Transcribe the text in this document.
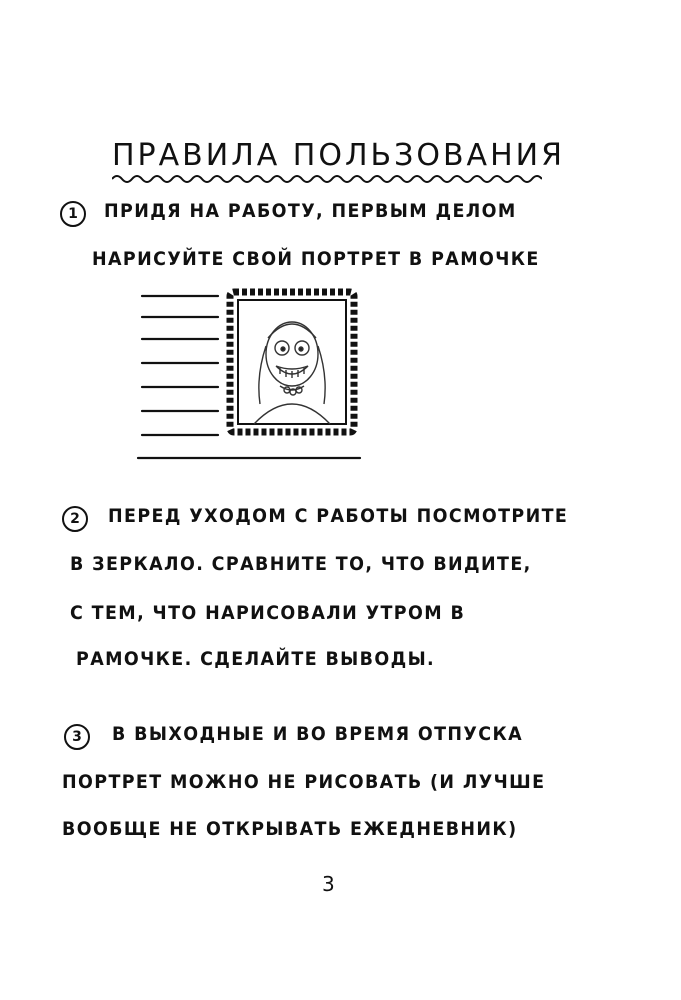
ПРАВИЛА ПОЛЬЗОВАНИЯ
1	ПРИДЯ НА РАБОТУ, ПЕРВЫМ ДЕЛОМ
НАРИСУЙТЕ СВОЙ ПОРТРЕТ В РАМОЧКЕ
2	ПЕРЕД УХОДОМ С РАБОТЫ ПОСМОТРИТЕ
В ЗЕРКАЛО. СРАВНИТЕ ТО, ЧТО ВИДИТЕ,
С ТЕМ, ЧТО НАРИСОВАЛИ УТРОМ В
РАМОЧКЕ. СДЕЛАЙТЕ ВЫВОДЫ.
3	В ВЫХОДНЫЕ И ВО ВРЕМЯ ОТПУСКА
ПОРТРЕТ МОЖНО НЕ РИСОВАТЬ (И ЛУЧШЕ
ВООБЩЕ НЕ ОТКРЫВАТЬ ЕЖЕДНЕВНИК)
3
